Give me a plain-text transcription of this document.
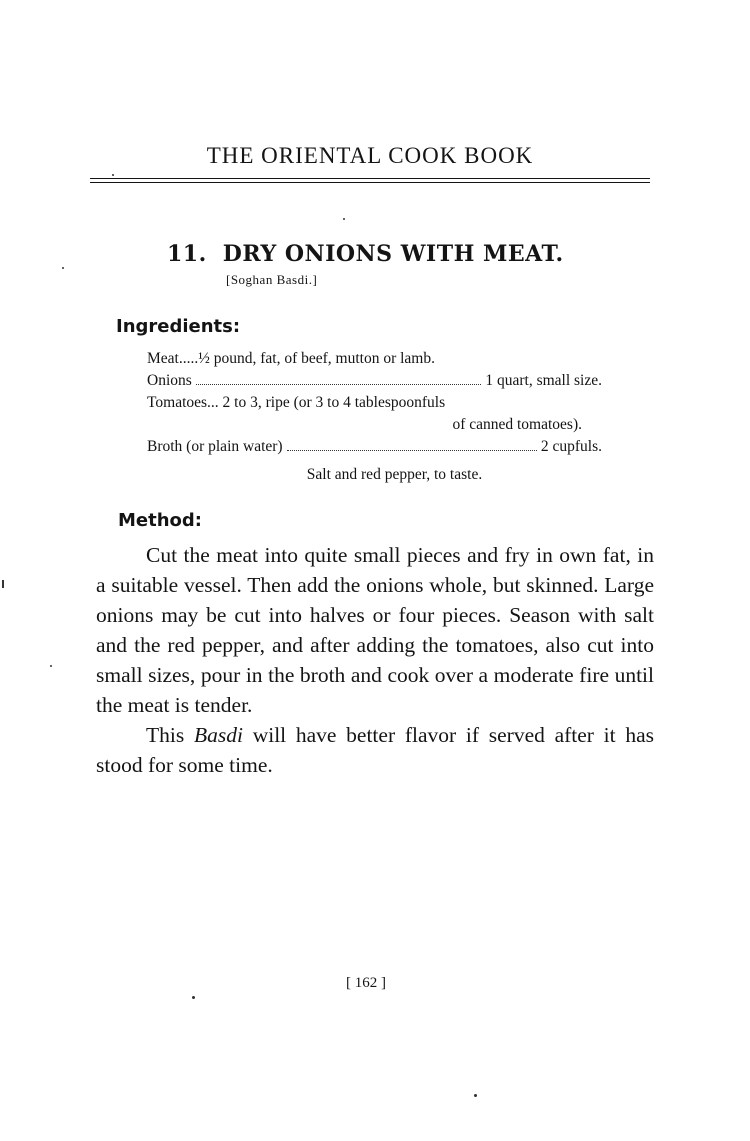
THE ORIENTAL COOK BOOK
11. DRY ONIONS WITH MEAT.
[Soghan Basdi.]
Ingredients:
Meat..... ½ pound, fat, of beef, mutton or lamb.
Onions	1 quart, small size.
Tomatoes...
2 to 3, ripe (or 3 to 4 tablespoonfuls
of canned tomatoes).
Broth (or plain water)	2 cupfuls.
Salt and red pepper, to taste.
Method:

Cut the meat into quite small pieces and fry in own fat, in a suitable vessel. Then add the onions whole, but skinned. Large onions may be cut into halves or four pieces. Season with salt and the red pepper, and after adding the tomatoes, also cut into small sizes, pour in the broth and cook over a moderate fire until the meat is tender.

This Basdi will have better flavor if served after it has stood for some time.

[ 162 ]
